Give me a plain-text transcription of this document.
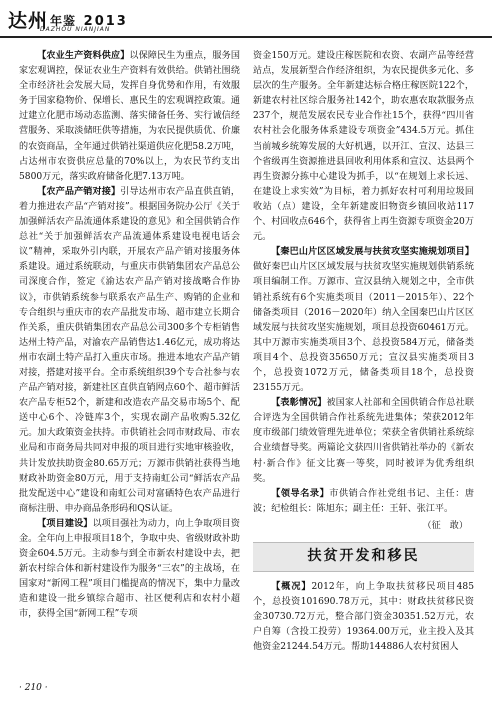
达州 年鉴 2013
DAZHOU NIANJIAN

【农业生产资料供应】以保障民生为重点，服务国家宏观调控，保证农业生产资料有效供给。供销社围绕全市经济社会发展大局，发挥自身优势和作用，有效服务于国家稳物价、保增长、惠民生的宏观调控政策。通过建立化肥市场动态监测、落实储备任务、实行诚信经营服务、采取淡储旺供等措施，为农民提供质优、价廉的农资商品，全年通过供销社渠道供应化肥58.2万吨，占达州市农资供应总量的70%以上，为农民节约支出5800万元，落实政府储备化肥7.13万吨。

【农产品产销对接】引导达州市农产品直供直销，着力推进农产品“产销对接”。根据国务院办公厅《关于加强鲜活农产品流通体系建设的意见》和全国供销合作总社“关于加强鲜活农产品流通体系建设电视电话会议”精神，采取外引内联，开展农产品产销对接服务体系建设。通过系统联动，与重庆市供销集团农产品总公司深度合作，签定《渝达农产品产销对接战略合作协议》，市供销系统参与联系农产品生产、购销的企业和专合组织与重庆市的农产品批发市场、超市建立长期合作关系，重庆供销集团农产品总公司300多个专柜销售达州土特产品，对渝农产品销售达1.46亿元，成功将达州市农副土特产品打入重庆市场。推进本地农产品产销对接，搭建对接平台。全市系统组织39个专合社参与农产品产销对接，新建社区直供直销网点60个、超市鲜活农产品专柜52个，新建和改造农产品交易市场5个、配送中心6个、冷链库3个，实现农副产品收购5.32亿元。加大政策资金扶持。市供销社会同市财政局、市农业局和市商务局共同对申报的项目进行实地审核验收，共计发放扶助资金80.65万元；万源市供销社获得当地财政补助资金80万元，用于支持南虹公司“鲜活农产品批发配送中心”建设和南虹公司对富硒特色农产品进行商标注册、申办商品条形码和QS认证。

【项目建设】以项目强社为动力，向上争取项目资金。全年向上申报项目18个，争取中央、省级财政补助资金604.5万元。主动参与到全市新农村建设中去，把新农村综合体和新村建设作为服务“三农”的主战场，在国家对“新网工程”项目门槛提高的情况下，集中力量改造和建设一批乡镇综合超市、社区便利店和农村小超市，获得全国“新网工程”专项

资金150万元。建设庄稼医院和农资、农副产品等经营站点，发展新型合作经济组织，为农民提供多元化、多层次的生产服务。全年新建达标合格庄稼医院122个，新建农村社区综合服务社142个，助农惠农取款服务点237个，规范发展农民专业合作社15个，获得“四川省农村社会化服务体系建设专项资金”434.5万元。抓住当前城乡统筹发展的大好机遇，以开江、宣汉、达县三个省级再生资源推进县回收利用体系和宣汉、达县两个再生资源分拣中心建设为抓手，以“在规划上求长远、在建设上求实效”为目标，着力抓好农村可利用垃圾回收站（点）建设，全年新建废旧物资乡镇回收站117个、村回收点646个，获得省上再生资源专项资金20万元。

【秦巴山片区区域发展与扶贫攻坚实施规划项目】做好秦巴山片区区域发展与扶贫攻坚实施规划供销系统项目编制工作。万源市、宣汉县纳入规划之中，全市供销社系统有6个实施类项目（2011－2015年）、22个储备类项目（2016－2020年）纳入全国秦巴山片区区域发展与扶贫攻坚实施规划，项目总投资60461万元。其中万源市实施类项目3个、总投资584万元，储备类项目4个、总投资35650万元；宣汉县实施类项目3个，总投资1072万元，储备类项目18个，总投资23155万元。

【表彰情况】被国家人社部和全国供销合作总社联合评选为全国供销合作社系统先进集体；荣获2012年度市级部门绩效管理先进单位；荣获全省供销社系统综合业绩督导奖。两篇论文获四川省供销社举办的《新农村·新合作》征文比赛一等奖，同时被评为优秀组织奖。

【领导名录】市供销合作社党组书记、主任：唐波；纪检组长：陈旭东；副主任：王轩、张江平。

（征　敢）
扶贫开发和移民

【概况】2012年，向上争取扶贫移民项目485个，总投资101690.78万元，其中：财政扶贫移民资金30730.72万元，整合部门资金30351.52万元，农户自筹（含投工投劳）19364.00万元，业主投入及其他资金21244.54万元。帮助144886人农村贫困人

· 210 ·
